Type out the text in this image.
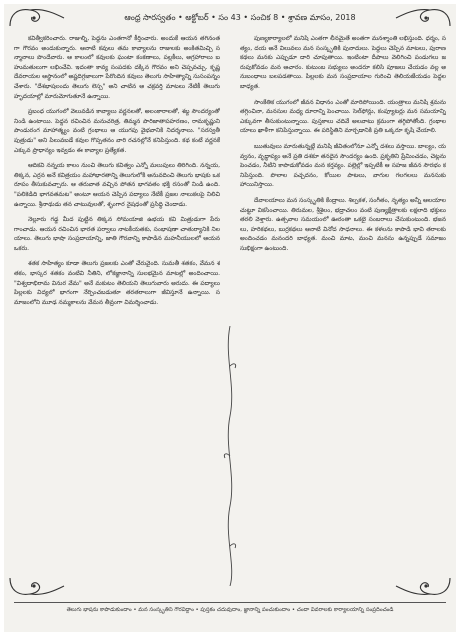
ఆంధ్ర సారస్వతం • అక్టోబర్ • సం 43 • సంచిక 8 • శ్రావణ మాసం, 2018

కవిత్వీకరించారు. రాజుల్ని, పెద్దను ఎంతగానో కీర్తించారు. అందుకే ఆయన తగినంతగా గౌరవం అందుకున్నారు. ఆనాటి కవులు తమ కావ్యాలను రాజులకు అంకితమిచ్చి సన్మానాలు పొందేవారు. ఆ కాలంలో కవులకు ఘంటా కంకణాలు, పల్లకీలు, అగ్రహారాలు బహుమతులుగా లభించేవి. ఇదంతా కావ్య సంపదకు దక్కిన గౌరవం అని చెప్పవచ్చు. కృష్ణదేవరాయల ఆస్థానంలో అష్టదిగ్గజాలుగా పేరొందిన కవులు తెలుగు సాహిత్యాన్ని సుసంపన్నం చేశారు. "దేశభాషలందు తెలుగు లెస్స" అని చాటిన ఆ చక్రవర్తి మాటలు నేటికీ తెలుగు హృదయాల్లో మారుమోగుతూనే ఉన్నాయి.

ప్రబంధ యుగంలో వెలువడిన కావ్యాలు వర్ణనలతో, అలంకారాలతో, శబ్ద సౌందర్యంతో నిండి ఉంటాయి. పెద్దన రచించిన మనుచరిత్ర, తిమ్మన పారిజాతాపహరణం, రామకృష్ణుని పాండురంగ మాహాత్మ్యం వంటి గ్రంథాలు ఆ యుగపు వైభవానికి నిదర్శనాలు. "సరస్వతీ పుత్రుడు" అని పిలువబడే కవుల గొప్పతనం వారి రచనల్లోనే కనిపిస్తుంది. కథ కంటే వర్ణనకే ఎక్కువ ప్రాధాన్యం ఇవ్వడం ఈ కావ్యాల ప్రత్యేకత.

ఆదికవి నన్నయ కాలం నుంచి తెలుగు కవిత్వం ఎన్నో మలుపులు తిరిగింది. నన్నయ, తిక్కన, ఎర్రన అనే కవిత్రయం మహాభారతాన్ని తెలుగులోకి అనువదించి తెలుగు భాషకు ఒక రూపం తీసుకువచ్చారు. ఆ తరువాత వచ్చిన పోతన భాగవతం భక్తి రసంతో నిండి ఉంది. "పలికెడిది భాగవతమట" అంటూ ఆయన చెప్పిన పద్యాలు నేటికీ ప్రజల నాలుకలపై నిలిచి ఉన్నాయి. శ్రీనాథుడు తన చాటువులతో, శృంగార నైషధంతో ప్రసిద్ధి చెందాడు.

నెల్లూరు గడ్డ మీద పుట్టిన తిక్కన సోమయాజి ఉభయ కవి మిత్రుడుగా పేరు గాంచాడు. ఆయన రచించిన భారత పర్వాలు నాటకీయతకు, సంభాషణా చాతుర్యానికి నిలయాలు. తెలుగు భాషా సంప్రదాయాన్ని, జాతి గౌరవాన్ని కాపాడిన మహనీయులలో ఆయన ఒకరు.

శతక సాహిత్యం కూడా తెలుగు ప్రజలకు ఎంతో చేరువైంది. సుమతీ శతకం, వేమన శతకం, భాస్కర శతకం వంటివి నీతిని, లోకజ్ఞానాన్ని సులభమైన మాటల్లో అందించాయి. "విశ్వదాభిరామ వినుర వేమ" అనే మకుటం తెలియని తెలుగువారు అరుదు. ఈ పద్యాలు పిల్లలకు విద్యలో భాగంగా నేర్పించబడుతూ తరతరాలుగా జీవిస్తూనే ఉన్నాయి. సమాజంలోని మూఢ నమ్మకాలను వేమన తీవ్రంగా విమర్శించాడు.

పుణ్యకార్యాలలో మనిషి ఎంతగా లీనమైతే అంతగా మనశ్శాంతి లభిస్తుంది. ధర్మం, సత్యం, దయ అనే విలువలు మన సంస్కృతికి పునాదులు. పెద్దలు చెప్పిన మాటలు, పురాణ కథలు మనకు ఎప్పుడూ దారి చూపుతాయి. ఇంటింటా దీపాలు వెలిగించి పండుగలు జరుపుకోవడం మన ఆచారం. కుటుంబ సభ్యులు అందరూ కలిసి పూజలు చేయడం వల్ల అనుబంధాలు బలపడతాయి. పిల్లలకు మన సంప్రదాయాల గురించి తెలియజేయడం పెద్దల బాధ్యత.

సాంకేతిక యుగంలో జీవన విధానం ఎంతో మారిపోయింది. యంత్రాలు మనిషి శ్రమను తగ్గించినా, మనసుల మధ్య దూరాన్ని పెంచాయి. సెల్‌ఫోన్లు, కంప్యూటర్లు మన సమయాన్ని ఎక్కువగా తీసుకుంటున్నాయి. పుస్తకాలు చదివే అలవాటు క్రమంగా తగ్గిపోతోంది. గ్రంథాలయాలు ఖాళీగా కనిపిస్తున్నాయి. ఈ పరిస్థితిని మార్చడానికి ప్రతి ఒక్కరూ కృషి చేయాలి.

ఋతువులు మారుతున్నట్లే మనిషి జీవితంలోనూ ఎన్నో దశలు వస్తాయి. బాల్యం, యవ్వనం, వృద్ధాప్యం అనే ప్రతి దశకూ తనదైన సౌందర్యం ఉంది. ప్రకృతిని ప్రేమించడం, చెట్లను పెంచడం, నీటిని కాపాడుకోవడం మన కర్తవ్యం. పల్లెల్లో ఇప్పటికీ ఆ సహజ జీవన సౌరభం కనిపిస్తుంది. పొలాల పచ్చదనం, కోయిల పాటలు, వాగుల గలగలలు మనసుకు హాయినిస్తాయి.

దేవాలయాలు మన సంస్కృతికి కేంద్రాలు. శిల్పకళ, సంగీతం, నృత్యం అన్నీ ఆలయాల చుట్టూ వికసించాయి. తిరుమల, శ్రీశైలం, భద్రాచలం వంటి పుణ్యక్షేత్రాలకు లక్షలాది భక్తులు తరలి వెళ్తారు. ఉత్సవాల సమయంలో ఊరంతా ఒకటై సంబరాలు చేసుకుంటుంది. భజనలు, హరికథలు, బుర్రకథలు ఆనాటి వినోద సాధనాలు. ఈ కళలను కాపాడి భావి తరాలకు అందించడం మనందరి బాధ్యత. మంచి మాట, మంచి మనసు ఉన్నప్పుడే సమాజం సుభిక్షంగా ఉంటుంది.

తెలుగు భాషను కాపాడుకుందాం • మన సంస్కృతిని గౌరవిద్దాం • పుస్తకం చదువుదాం, జ్ఞానాన్ని పంచుకుందాం • చందా వివరాలకు కార్యాలయాన్ని సంప్రదించండి
